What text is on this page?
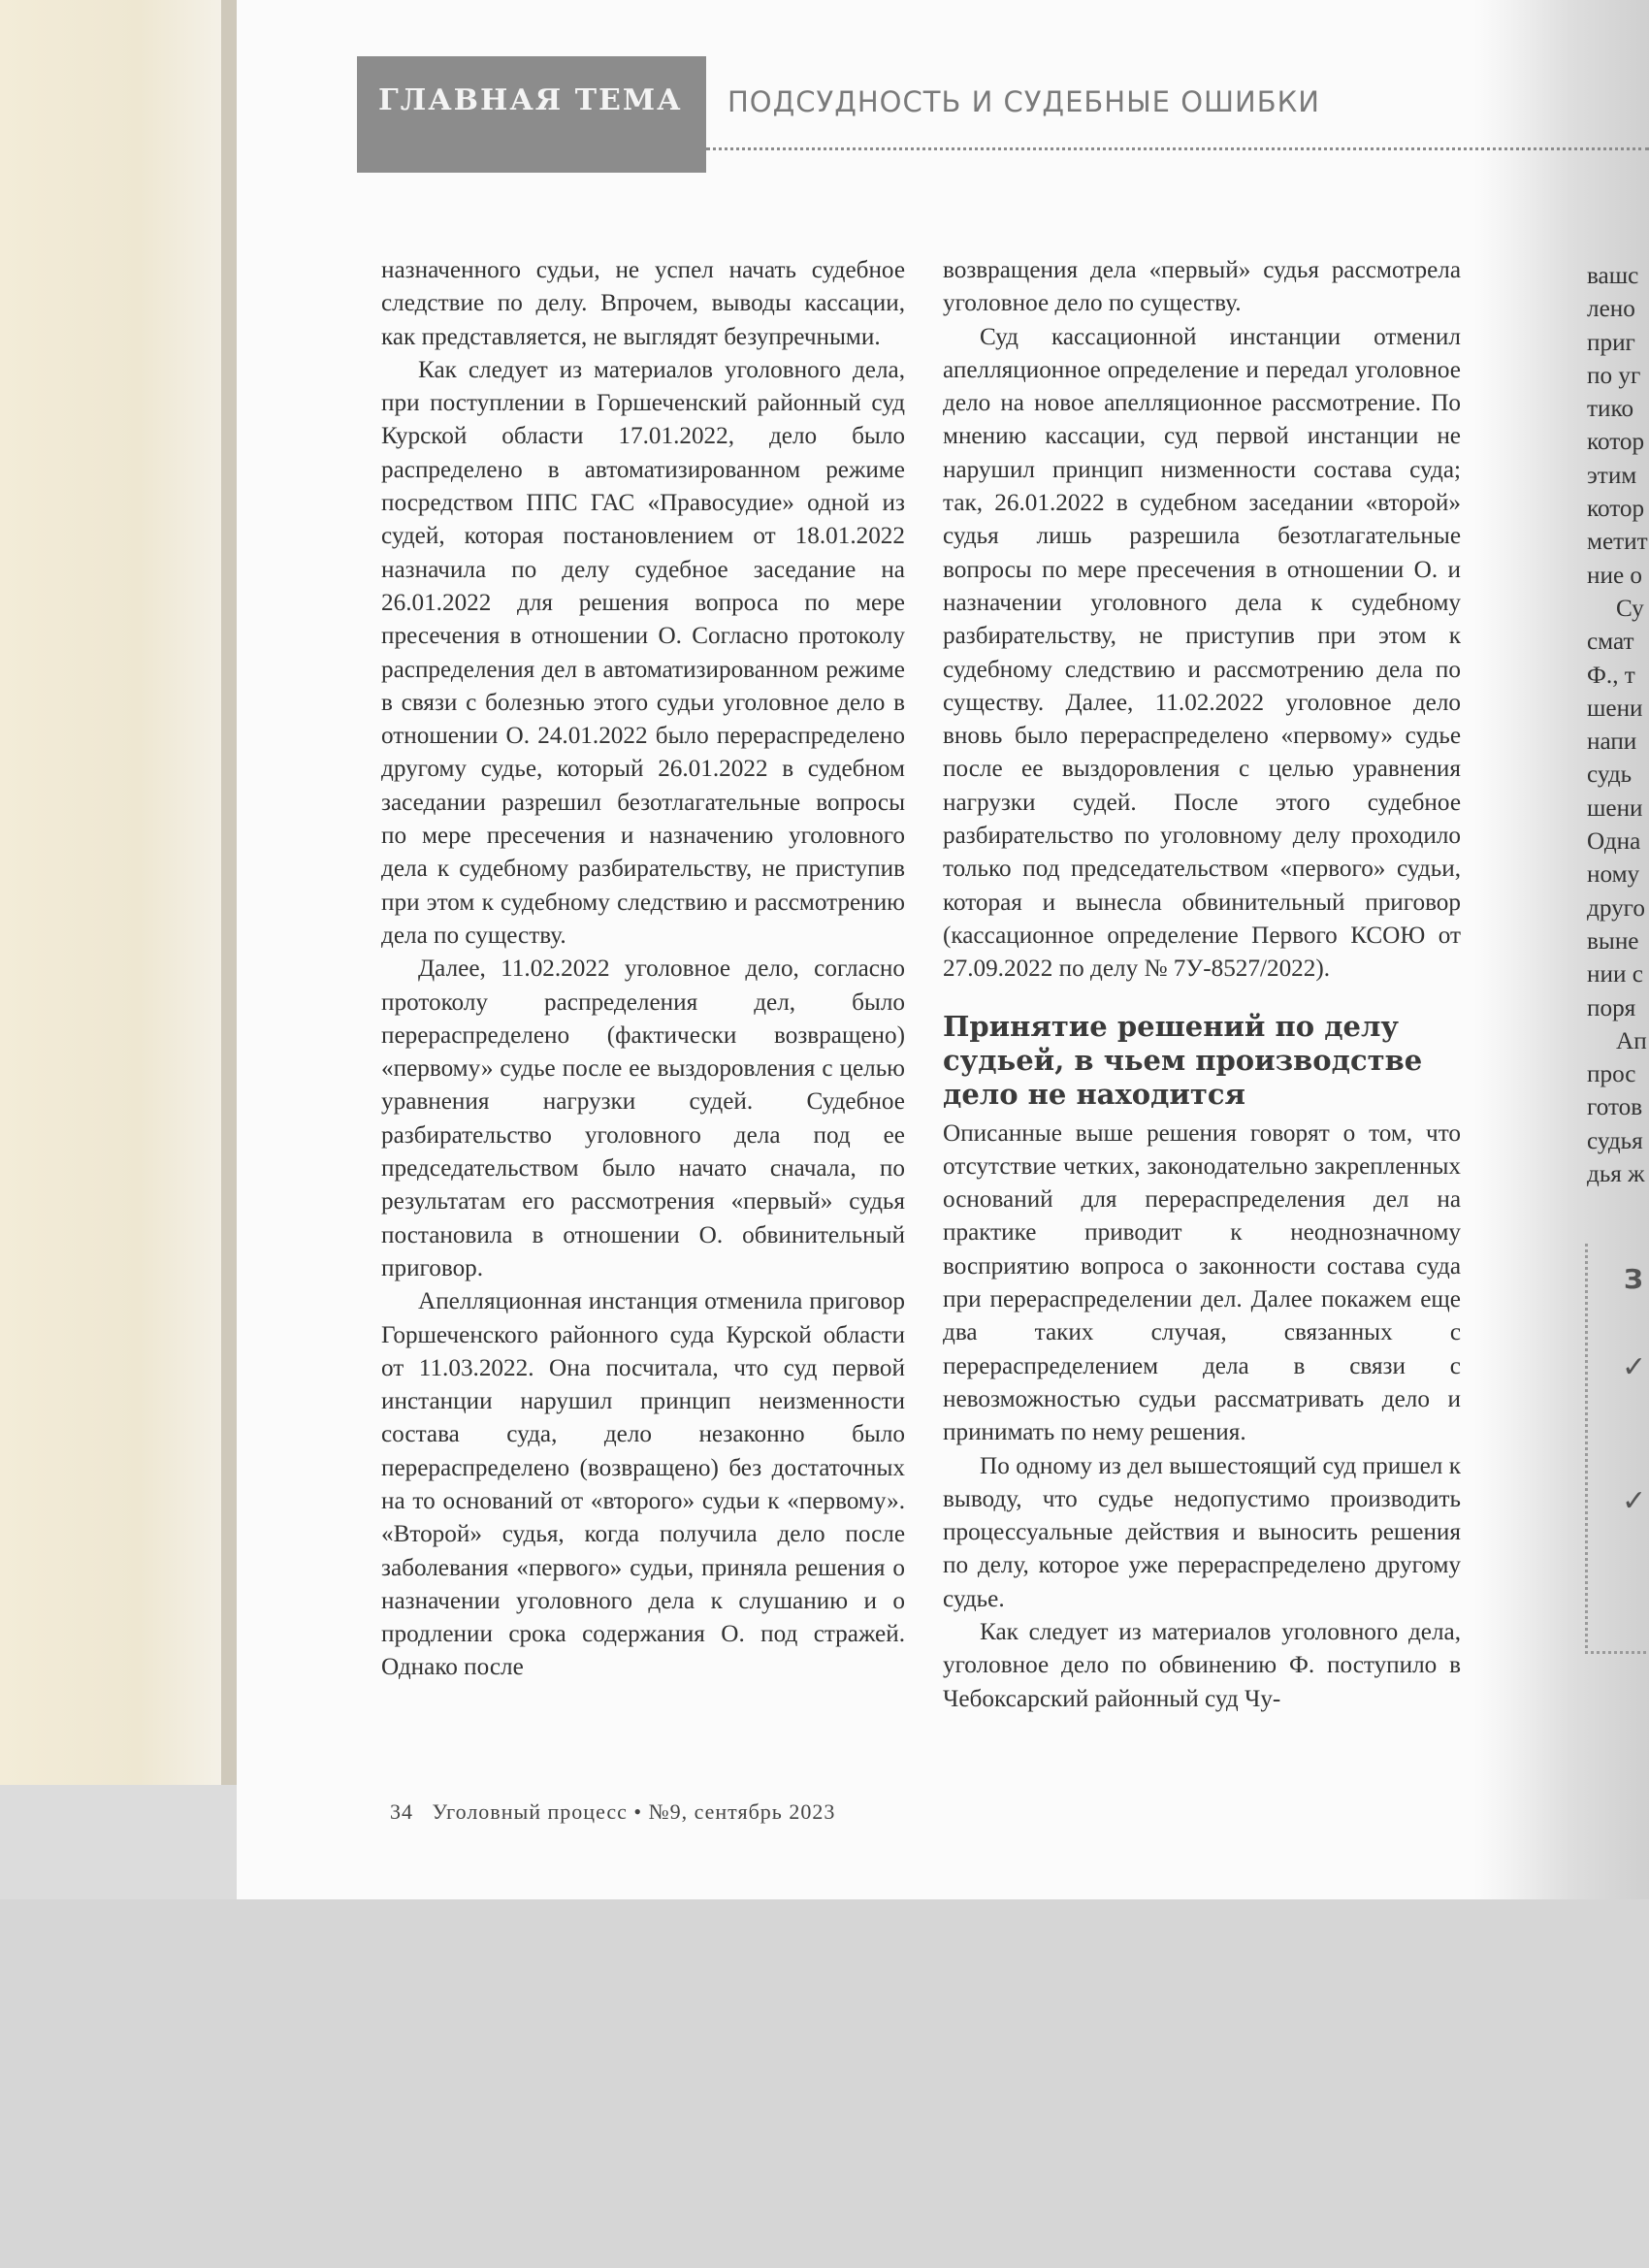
ГЛАВНАЯ ТЕМА ПОДСУДНОСТЬ И СУДЕБНЫЕ ОШИБКИ

назначенного судьи, не успел начать судебное следствие по делу. Впрочем, выводы кассации, как представляется, не выглядят безупречными.

Как следует из материалов уголовного дела, при поступлении в Горшеченский районный суд Курской области 17.01.2022, дело было распределено в автоматизированном режиме посредством ППС ГАС «Правосудие» одной из судей, которая постановлением от 18.01.2022 назначила по делу судебное заседание на 26.01.2022 для решения вопроса по мере пресечения в отношении О. Согласно протоколу распределения дел в автоматизированном режиме в связи с болезнью этого судьи уголовное дело в отношении О. 24.01.2022 было перераспределено другому судье, который 26.01.2022 в судебном заседании разрешил безотлагательные вопросы по мере пресечения и назначению уголовного дела к судебному разбирательству, не приступив при этом к судебному следствию и рассмотрению дела по существу.

Далее, 11.02.2022 уголовное дело, согласно протоколу распределения дел, было перераспределено (фактически возвращено) «первому» судье после ее выздоровления с целью уравнения нагрузки судей. Судебное разбирательство уголовного дела под ее председательством было начато сначала, по результатам его рассмотрения «первый» судья постановила в отношении О. обвинительный приговор.

Апелляционная инстанция отменила приговор Горшеченского районного суда Курской области от 11.03.2022. Она посчитала, что суд первой инстанции нарушил принцип неизменности состава суда, дело незаконно было перераспределено (возвращено) без достаточных на то оснований от «второго» судьи к «первому». «Второй» судья, когда получила дело после заболевания «первого» судьи, приняла решения о назначении уголовного дела к слушанию и о продлении срока содержания О. под стражей. Однако после

возвращения дела «первый» судья рассмотрела уголовное дело по существу.

Суд кассационной инстанции отменил апелляционное определение и передал уголовное дело на новое апелляционное рассмотрение. По мнению кассации, суд первой инстанции не нарушил принцип низменности состава суда; так, 26.01.2022 в судебном заседании «второй» судья лишь разрешила безотлагательные вопросы по мере пресечения в отношении О. и назначении уголовного дела к судебному разбирательству, не приступив при этом к судебному следствию и рассмотрению дела по существу. Далее, 11.02.2022 уголовное дело вновь было перераспределено «первому» судье после ее выздоровления с целью уравнения нагрузки судей. После этого судебное разбирательство по уголовному делу проходило только под председательством «первого» судьи, которая и вынесла обвинительный приговор (кассационное определение Первого КСОЮ от 27.09.2022 по делу № 7У-8527/2022).

Принятие решений по делу судьей, в чьем производстве дело не находится

Описанные выше решения говорят о том, что отсутствие четких, законодательно закрепленных оснований для перераспределения дел на практике приводит к неоднозначному восприятию вопроса о законности состава суда при перераспределении дел. Далее покажем еще два таких случая, связанных с перераспределением дела в связи с невозможностью судьи рассматривать дело и принимать по нему решения.

По одному из дел вышестоящий суд пришел к выводу, что судье недопустимо производить процессуальные действия и выносить решения по делу, которое уже перераспределено другому судье.

Как следует из материалов уголовного дела, уголовное дело по обвинению Ф. поступило в Чебоксарский районный суд Чу-

вашс
лено
приг
по уг
тико
котор
этим
котор
метит
ние о
Су
смат
Ф., т
шени
напи
судь
шени
Одна
ному
друго
выне
нии с
поря
Ап
прос
готов
судья
дья ж
З
✓
✓
34 Уголовный процесс • №9, сентябрь 2023
